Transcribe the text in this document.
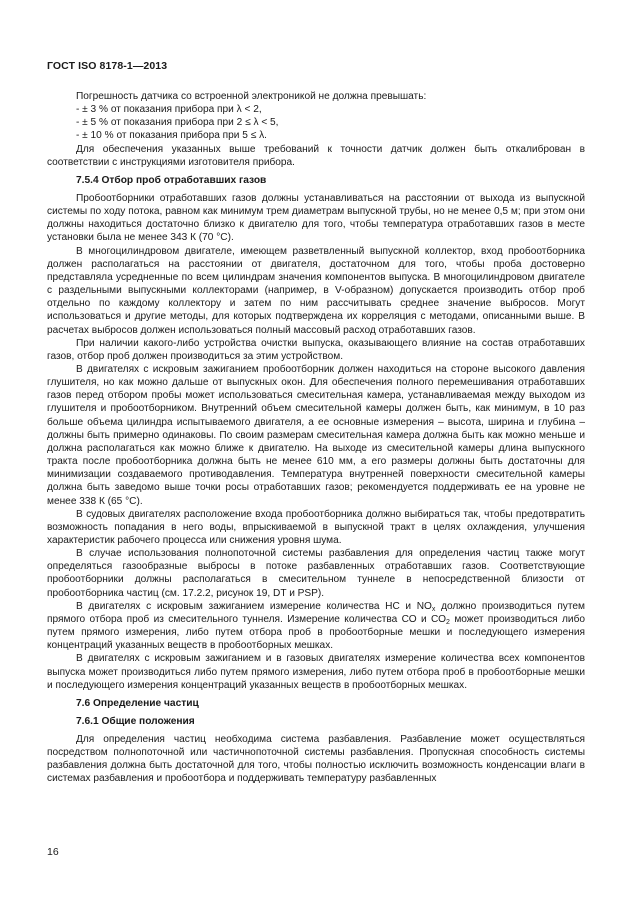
ГОСТ ISO 8178-1—2013

Погрешность датчика со встроенной электроникой не должна превышать:

- ± 3 % от показания прибора при λ < 2,

- ± 5 % от показания прибора при 2 ≤ λ < 5,

- ± 10 % от показания прибора при 5 ≤ λ.

Для обеспечения указанных выше требований к точности датчик должен быть откалиброван в соответствии с инструкциями изготовителя прибора.

7.5.4 Отбор проб отработавших газов

Пробоотборники отработавших газов должны устанавливаться на расстоянии от выхода из выпускной системы по ходу потока, равном как минимум трем диаметрам выпускной трубы, но не менее 0,5 м; при этом они должны находиться достаточно близко к двигателю для того, чтобы температура отработавших газов в месте установки была не менее 343 К (70 °С).

В многоцилиндровом двигателе, имеющем разветвленный выпускной коллектор, вход пробоотборника должен располагаться на расстоянии от двигателя, достаточном для того, чтобы проба достоверно представляла усредненные по всем цилиндрам значения компонентов выпуска. В многоцилиндровом двигателе с раздельными выпускными коллекторами (например, в V-образном) допускается производить отбор проб отдельно по каждому коллектору и затем по ним рассчитывать среднее значение выбросов. Могут использоваться и другие методы, для которых подтверждена их корреляция с методами, описанными выше. В расчетах выбросов должен использоваться полный массовый расход отработавших газов.

При наличии какого-либо устройства очистки выпуска, оказывающего влияние на состав отработавших газов, отбор проб должен производиться за этим устройством.

В двигателях с искровым зажиганием пробоотборник должен находиться на стороне высокого давления глушителя, но как можно дальше от выпускных окон. Для обеспечения полного перемешивания отработавших газов перед отбором пробы может использоваться смесительная камера, устанавливаемая между выходом из глушителя и пробоотборником. Внутренний объем смесительной камеры должен быть, как минимум, в 10 раз больше объема цилиндра испытываемого двигателя, а ее основные измерения – высота, ширина и глубина – должны быть примерно одинаковы. По своим размерам смесительная камера должна быть как можно меньше и должна располагаться как можно ближе к двигателю. На выходе из смесительной камеры длина выпускного тракта после пробоотборника должна быть не менее 610 мм, а его размеры должны быть достаточны для минимизации создаваемого противодавления. Температура внутренней поверхности смесительной камеры должна быть заведомо выше точки росы отработавших газов; рекомендуется поддерживать ее на уровне не менее 338 К (65 °С).

В судовых двигателях расположение входа пробоотборника должно выбираться так, чтобы предотвратить возможность попадания в него воды, впрыскиваемой в выпускной тракт в целях охлаждения, улучшения характеристик рабочего процесса или снижения уровня шума.

В случае использования полнопоточной системы разбавления для определения частиц также могут определяться газообразные выбросы в потоке разбавленных отработавших газов. Соответствующие пробоотборники должны располагаться в смесительном туннеле в непосредственной близости от пробоотборника частиц (см. 17.2.2, рисунок 19, DT и PSP).

В двигателях с искровым зажиганием измерение количества НС и $NO_x$ должно производиться путем прямого отбора проб из смесительного туннеля. Измерение количества СО и $СО_2$ может производиться либо путем прямого измерения, либо путем отбора проб в пробоотборные мешки и последующего измерения концентраций указанных веществ в пробоотборных мешках.

В двигателях с искровым зажиганием и в газовых двигателях измерение количества всех компонентов выпуска может производиться либо путем прямого измерения, либо путем отбора проб в пробоотборные мешки и последующего измерения концентраций указанных веществ в пробоотборных мешках.

7.6 Определение частиц
7.6.1 Общие положения

Для определения частиц необходима система разбавления. Разбавление может осуществляться посредством полнопоточной или частичнопоточной системы разбавления. Пропускная способность системы разбавления должна быть достаточной для того, чтобы полностью исключить возможность конденсации влаги в системах разбавления и пробоотбора и поддерживать температуру разбавленных

16
